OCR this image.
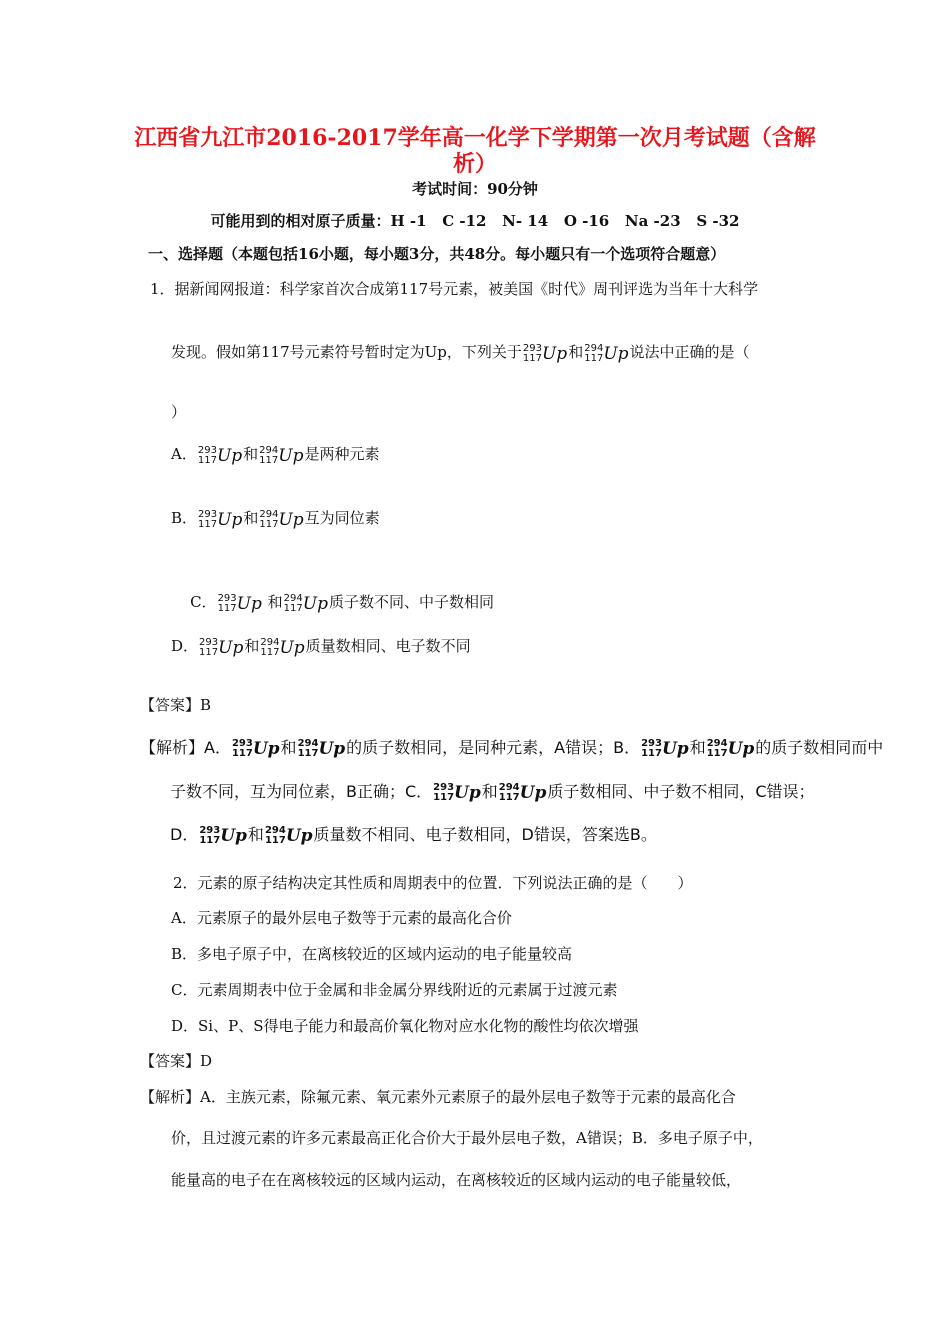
江西省九江市2016-2017学年高一化学下学期第一次月考试题（含解
析）
考试时间：90分钟
可能用到的相对原子质量：H -1   C -12   N- 14   O -16   Na -23   S -32
一、选择题（本题包括16小题，每小题3分，共48分。每小题只有一个选项符合题意）
1．据新闻网报道：科学家首次合成第117号元素，被美国《时代》周刊评选为当年十大科学
发现。假如第117号元素符号暂时定为Up，下列关于293
117Up和294
117Up说法中正确的是（
）
A．293
117Up和294
117Up是两种元素
B．293
117Up和294
117Up互为同位素

C．293
117Up 和294
117Up质子数不同、中子数相同

D．293
117Up和294
117Up质量数相同、电子数不同
【答案】B
【解析】A．293
117Up和294
117Up的质子数相同，是同种元素，A错误；B．293
117Up和294
117Up的质子数相同而中
子数不同，互为同位素，B正确；C．293
117Up和294
117Up质子数相同、中子数不相同，C错误；
D．293
117Up和294
117Up质量数不相同、电子数相同，D错误，答案选B。
2．元素的原子结构决定其性质和周期表中的位置．下列说法正确的是（　　）
A．元素原子的最外层电子数等于元素的最高化合价
B．多电子原子中，在离核较近的区域内运动的电子能量较高
C．元素周期表中位于金属和非金属分界线附近的元素属于过渡元素
D．Si、P、S得电子能力和最高价氧化物对应水化物的酸性均依次增强
【答案】D
【解析】A．主族元素，除氟元素、氧元素外元素原子的最外层电子数等于元素的最高化合
价，且过渡元素的许多元素最高正化合价大于最外层电子数，A错误；B．多电子原子中，
能量高的电子在在离核较远的区域内运动，在离核较近的区域内运动的电子能量较低，
